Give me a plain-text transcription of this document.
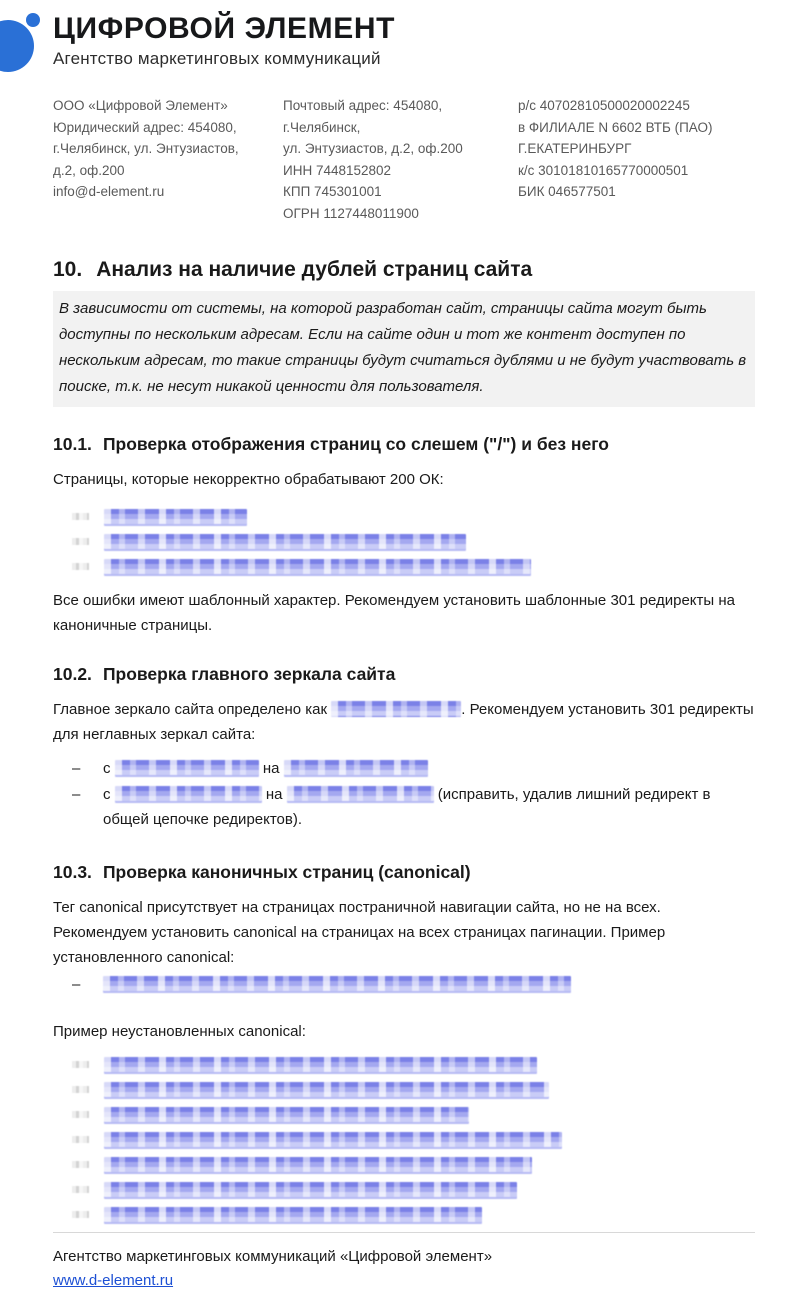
ЦИФРОВОЙ ЭЛЕМЕНТ
Агентство маркетинговых коммуникаций
ООО «Цифровой Элемент»
Юридический адрес: 454080,
г.Челябинск, ул. Энтузиастов,
д.2, оф.200
info@d-element.ru
Почтовый адрес: 454080, г.Челябинск,
ул. Энтузиастов, д.2, оф.200
ИНН 7448152802
КПП 745301001
ОГРН 1127448011900
р/с 40702810500020002245
в ФИЛИАЛЕ N 6602 ВТБ (ПАО)
Г.ЕКАТЕРИНБУРГ
к/с 30101810165770000501
БИК 046577501
10. Анализ на наличие дублей страниц сайта
В зависимости от системы, на которой разработан сайт, страницы сайта могут быть доступны по нескольким адресам. Если на сайте один и тот же контент доступен по нескольким адресам, то такие страницы будут считаться дублями и не будут участвовать в поиске, т.к. не несут никакой ценности для пользователя.
10.1. Проверка отображения страниц со слешем ("/") и без него
Страницы, которые некорректно обрабатывают 200 ОК:
Все ошибки имеют шаблонный характер. Рекомендуем установить шаблонные 301 редиректы на каноничные страницы.
10.2. Проверка главного зеркала сайта
Главное зеркало сайта определено как	. Рекомендуем установить 301 редиректы для неглавных зеркал сайта:
–	с	на
–	с	на	(исправить, удалив лишний редирект в общей цепочке редиректов).
10.3. Проверка каноничных страниц (canonical)
Тег canonical присутствует на страницах постраничной навигации сайта, но не на всех. Рекомендуем установить canonical на страницах на всех страницах пагинации. Пример установленного canonical:
–
Пример неустановленных canonical:
Агентство маркетинговых коммуникаций «Цифровой элемент»
www.d-element.ru
